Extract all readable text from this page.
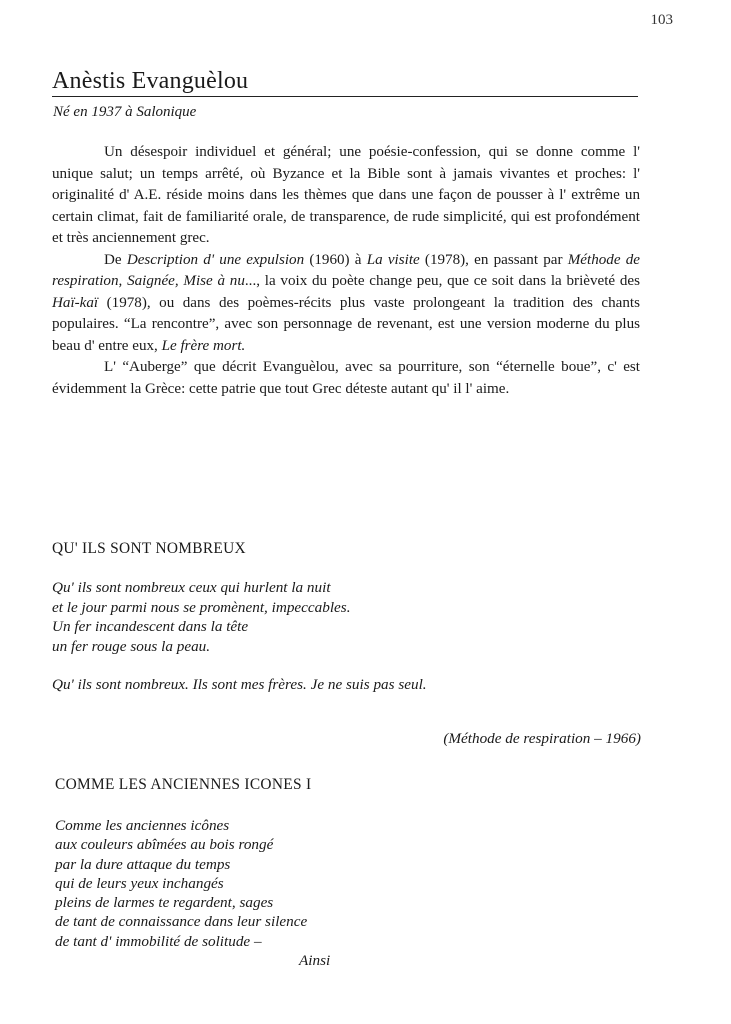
103
Anèstis Evanguèlou
Né en 1937 à Salonique

Un désespoir individuel et général; une poésie-confession, qui se donne comme l' unique salut; un temps arrêté, où Byzance et la Bible sont à jamais vivantes et proches: l' originalité d' A.E. réside moins dans les thèmes que dans une façon de pousser à l' extrême un certain climat, fait de familiarité orale, de transparence, de rude simplicité, qui est profondément et très anciennement grec.

De Description d' une expulsion (1960) à La visite (1978), en passant par Méthode de respiration, Saignée, Mise à nu..., la voix du poète change peu, que ce soit dans la brièveté des Haï-kaï (1978), ou dans des poèmes-récits plus vaste prolongeant la tradition des chants populaires. “La rencontre”, avec son personnage de revenant, est une version moderne du plus beau d' entre eux, Le frère mort.

L' “Auberge” que décrit Evanguèlou, avec sa pourriture, son “éternelle boue”, c' est évidemment la Grèce: cette patrie que tout Grec déteste autant qu' il l' aime.

QU' ILS SONT NOMBREUX
Qu' ils sont nombreux ceux qui hurlent la nuit
et le jour parmi nous se promènent, impeccables.
Un fer incandescent dans la tête
un fer rouge sous la peau.
Qu' ils sont nombreux. Ils sont mes frères. Je ne suis pas seul.
(Méthode de respiration – 1966)
COMME LES ANCIENNES ICONES I
Comme les anciennes icônes
aux couleurs abîmées au bois rongé
par la dure attaque du temps
qui de leurs yeux inchangés
pleins de larmes te regardent, sages
de tant de connaissance dans leur silence
de tant d' immobilité de solitude –
Ainsi
